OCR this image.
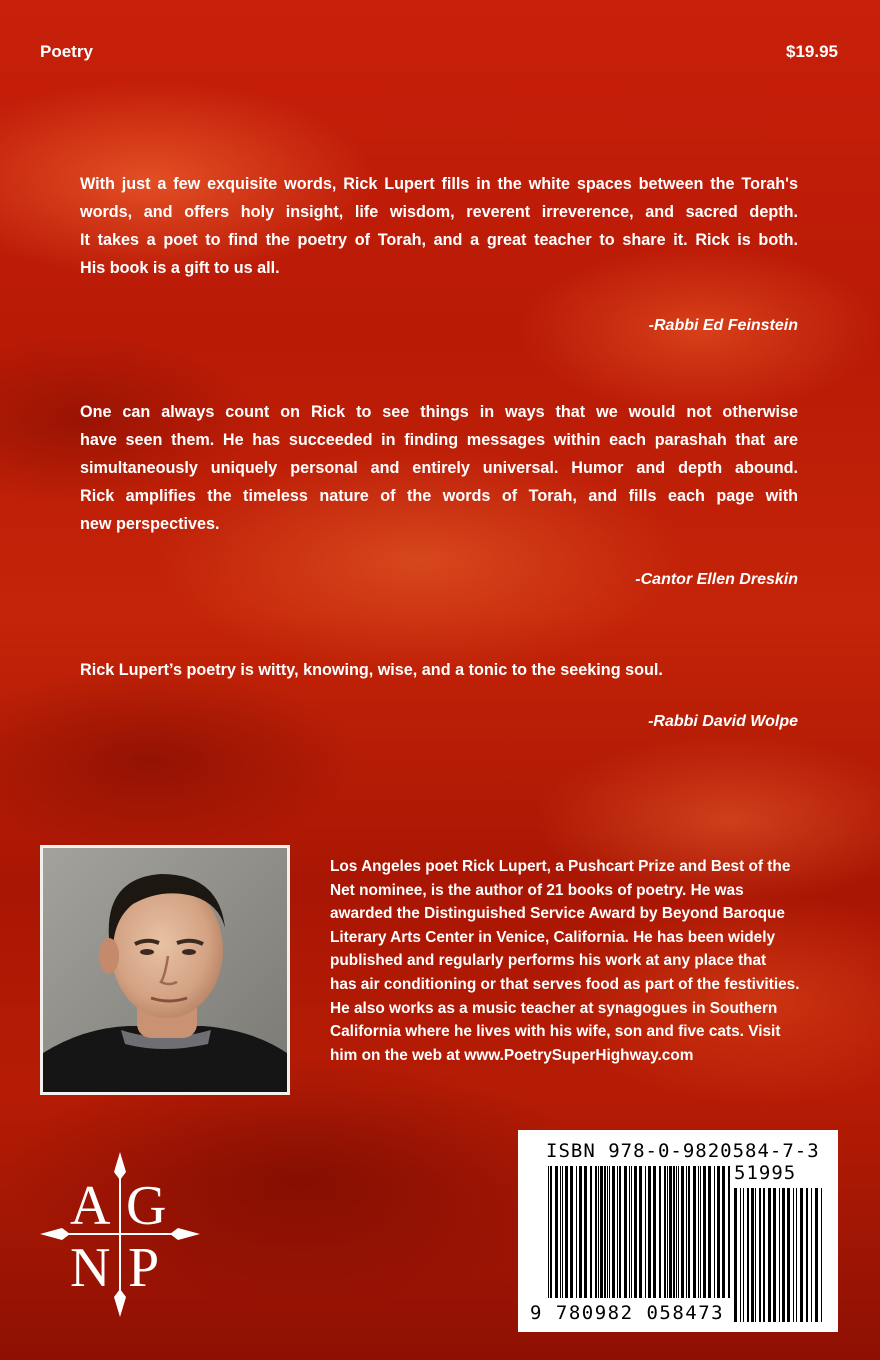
Poetry	$19.95
With just a few exquisite words, Rick Lupert fills in the white spaces between the Torah's
words, and offers holy insight, life wisdom, reverent irreverence, and sacred depth.
It takes a poet to find the poetry of Torah, and a great teacher to share it. Rick is both.
His book is a gift to us all.
-Rabbi Ed Feinstein
One can always count on Rick to see things in ways that we would not otherwise
have seen them. He has succeeded in finding messages within each parashah that are
simultaneously uniquely personal and entirely universal. Humor and depth abound.
Rick amplifies the timeless nature of the words of Torah, and fills each page with
new perspectives.
-Cantor Ellen Dreskin
Rick Lupert’s poetry is witty, knowing, wise, and a tonic to the seeking soul.
-Rabbi David Wolpe
Los Angeles poet Rick Lupert, a Pushcart Prize and Best of the
Net nominee, is the author of 21 books of poetry. He was
awarded the Distinguished Service Award by Beyond Baroque
Literary Arts Center in Venice, California. He has been widely
published and regularly performs his work at any place that
has air conditioning or that serves food as part of the festivities.
He also works as a music teacher at synagogues in Southern
California where he lives with his wife, son and five cats. Visit
him on the web at www.PoetrySuperHighway.com
A G
N P
ISBN 978-0-9820584-7-3
51995
9 780982 058473
